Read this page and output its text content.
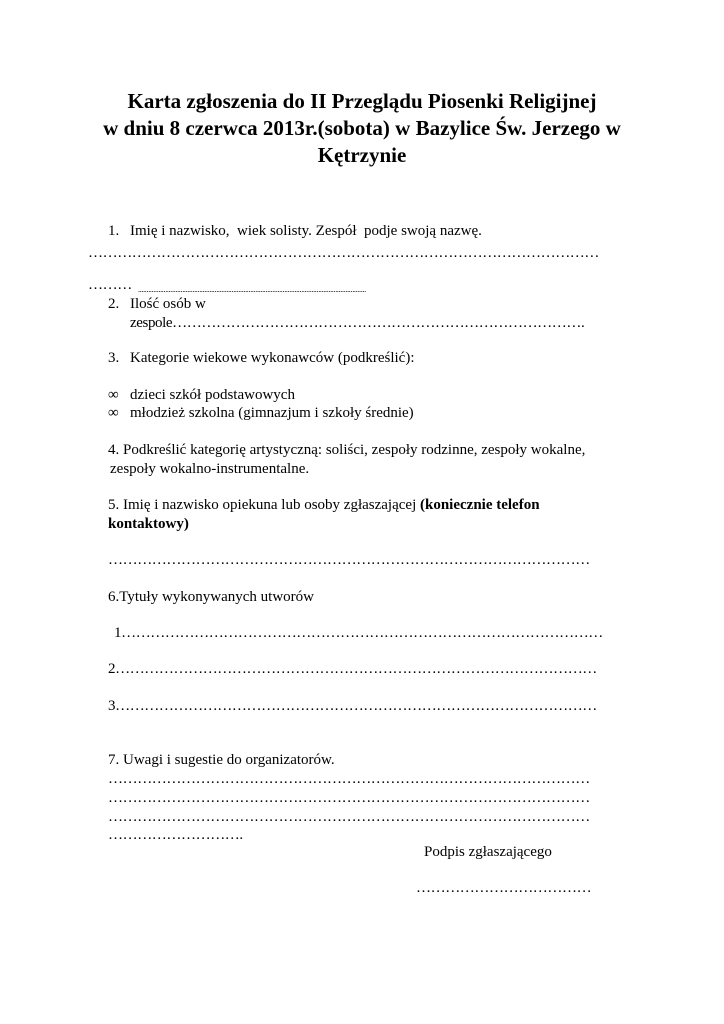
Karta zgłoszenia do II Przeglądu Piosenki Religijnej
w dniu 8 czerwca 2013r.(sobota) w Bazylice Św. Jerzego w
Kętrzynie
1. Imię i nazwisko,  wiek solisty. Zespół  podje swoją nazwę.
……………………………………………………………………………………………
……… ......................................................................................................................................
2. Ilość osób w
zespole………………………………………………………………………….
3. Kategorie wiekowe wykonawców (podkreślić):
∞ dzieci szkół podstawowych
∞ młodzież szkolna (gimnazjum i szkoły średnie)
4. Podkreślić kategorię artystyczną: soliści, zespoły rodzinne, zespoły wokalne,
zespoły wokalno-instrumentalne.
5. Imię i nazwisko opiekuna lub osoby zgłaszającej (koniecznie telefon
kontaktowy)
………………………………………………………………………………………
6.Tytuły wykonywanych utworów
1………………………………………………………………………………………
2………………………………………………………………………………………
3………………………………………………………………………………………
7. Uwagi i sugestie do organizatorów.
………………………………………………………………………………………
………………………………………………………………………………………
………………………………………………………………………………………
……………………….
Podpis zgłaszającego
………………………………
